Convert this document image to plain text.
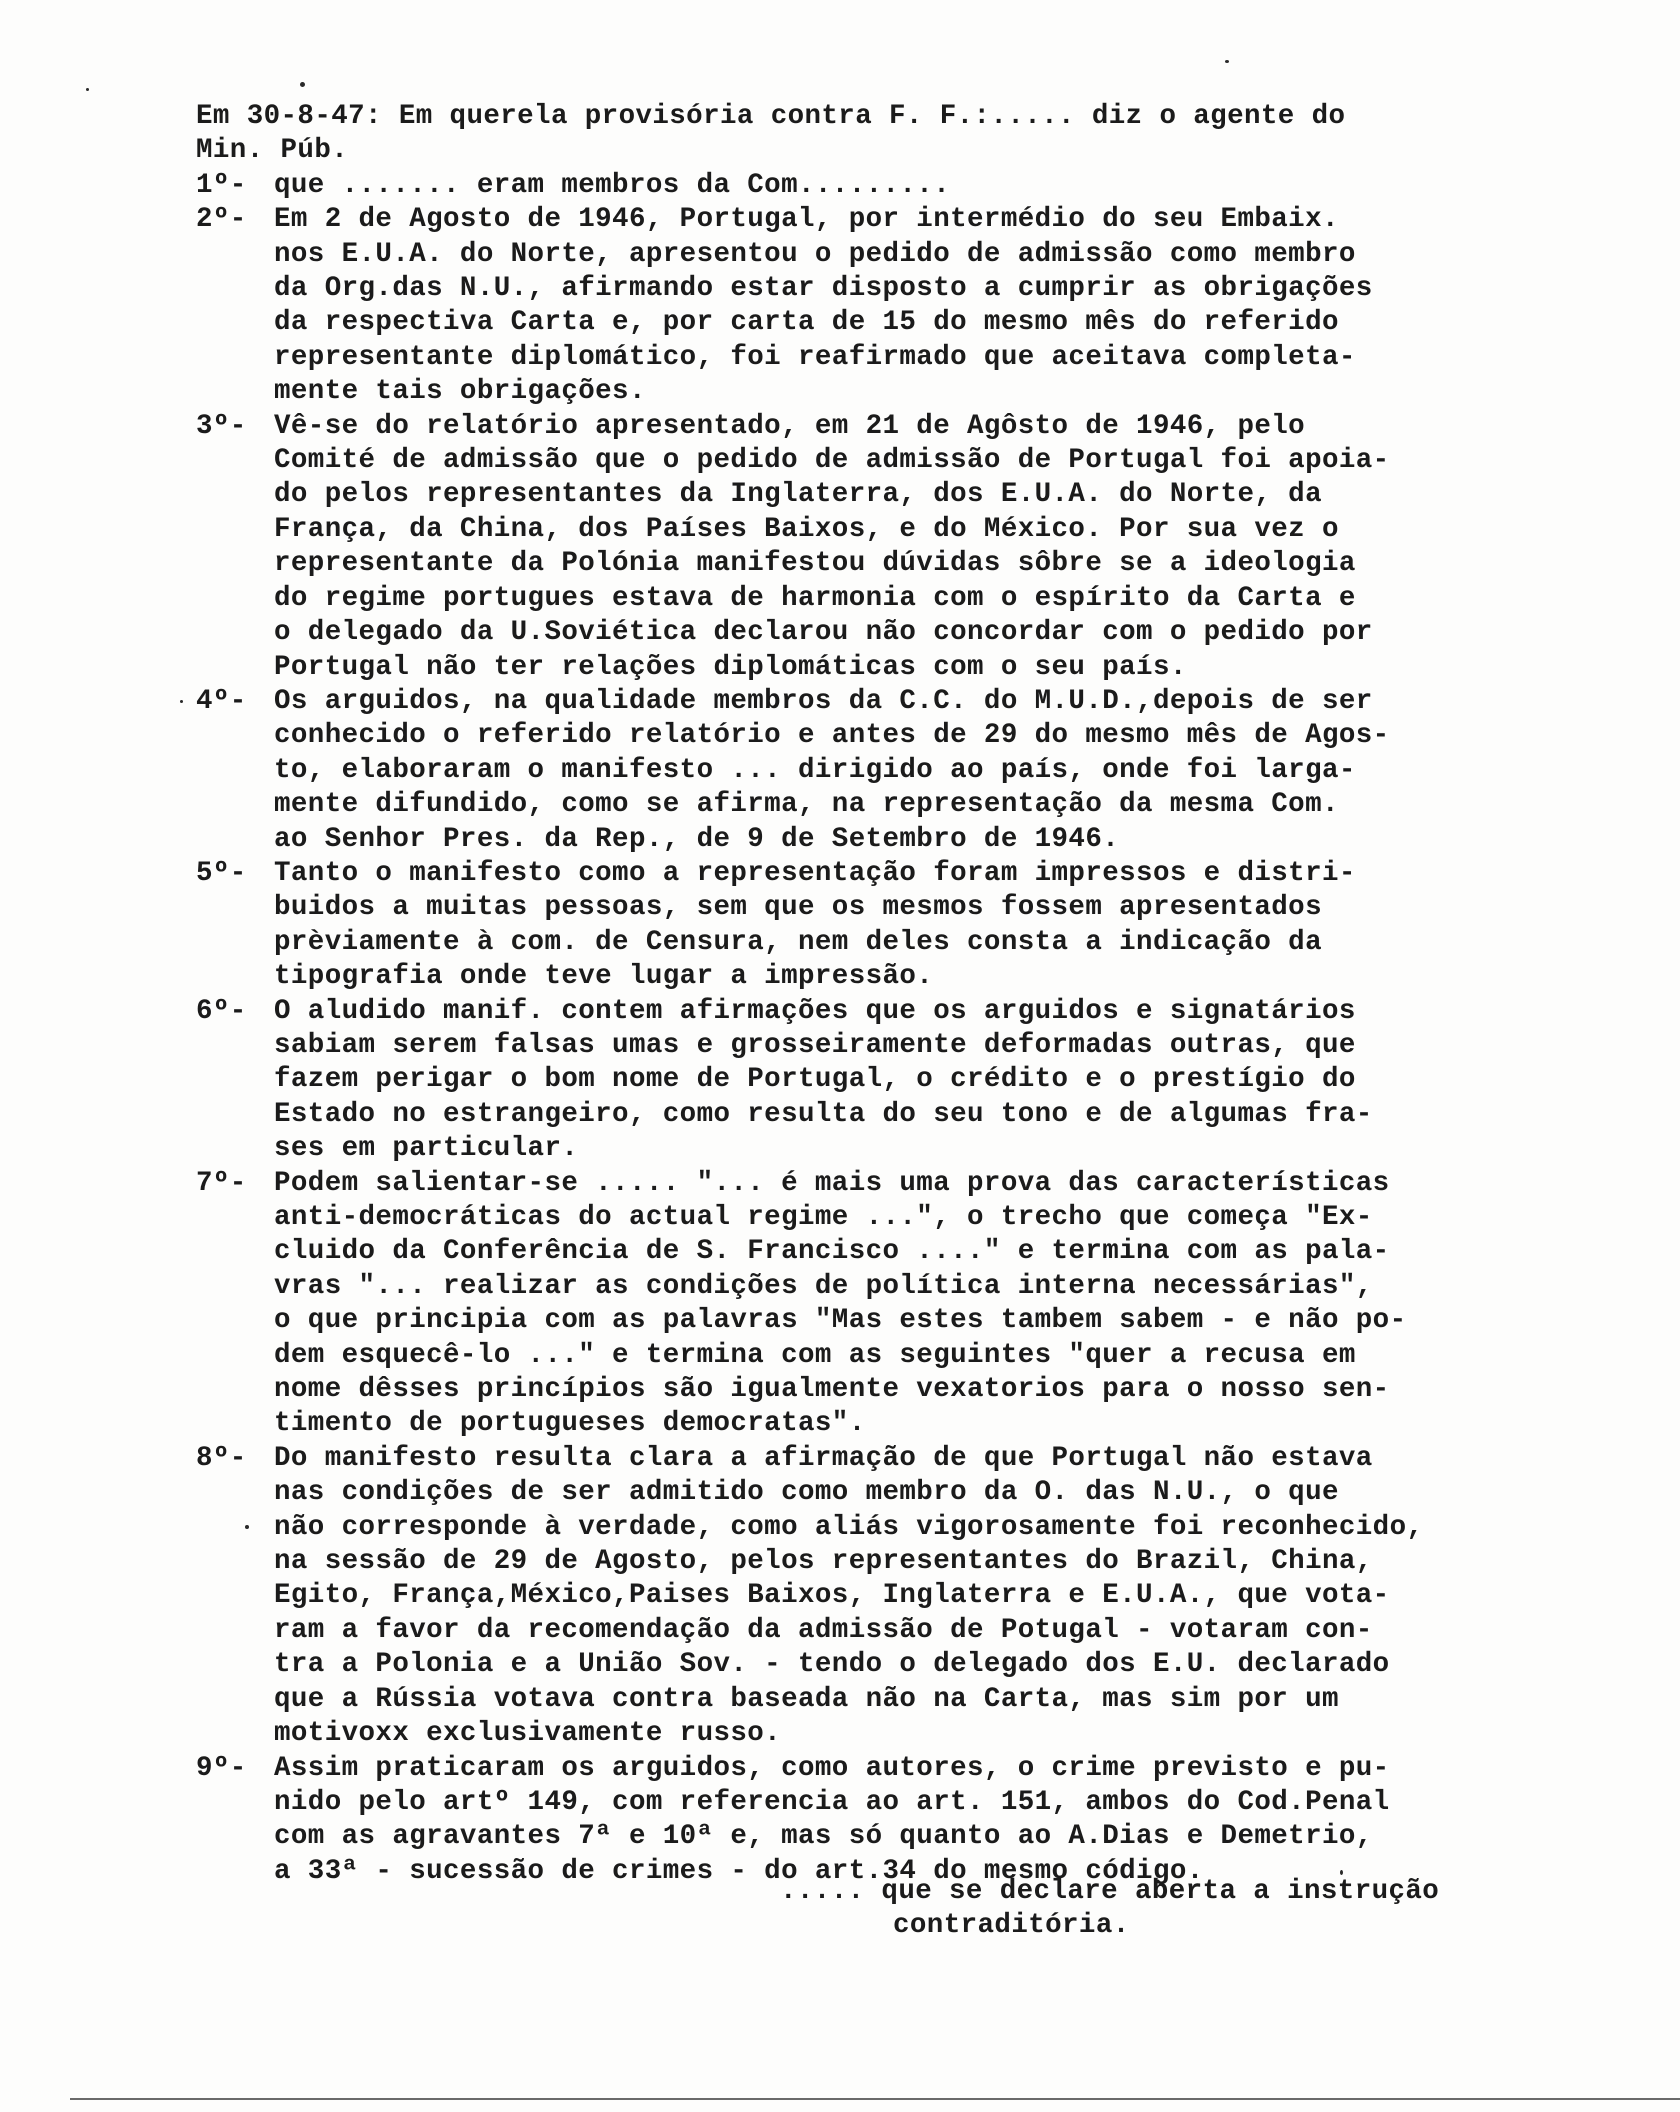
Em 30-8-47: Em querela provisória contra F. F.:..... diz o agente do
Min. Púb.
1º- que ....... eram membros da Com.........
2º- Em 2 de Agosto de 1946, Portugal, por intermédio do seu Embaix.
nos E.U.A. do Norte, apresentou o pedido de admissão como membro
da Org.das N.U., afirmando estar disposto a cumprir as obrigações
da respectiva Carta e, por carta de 15 do mesmo mês do referido
representante diplomático, foi reafirmado que aceitava completa-
mente tais obrigações.
3º- Vê-se do relatório apresentado, em 21 de Agôsto de 1946, pelo
Comité de admissão que o pedido de admissão de Portugal foi apoia-
do pelos representantes da Inglaterra, dos E.U.A. do Norte, da
França, da China, dos Países Baixos, e do México. Por sua vez o
representante da Polónia manifestou dúvidas sôbre se a ideologia
do regime portugues estava de harmonia com o espírito da Carta e
o delegado da U.Soviética declarou não concordar com o pedido por
Portugal não ter relações diplomáticas com o seu país.
4º- Os arguidos, na qualidade membros da C.C. do M.U.D.,depois de ser
conhecido o referido relatório e antes de 29 do mesmo mês de Agos-
to, elaboraram o manifesto ... dirigido ao país, onde foi larga-
mente difundido, como se afirma, na representação da mesma Com.
ao Senhor Pres. da Rep., de 9 de Setembro de 1946.
5º- Tanto o manifesto como a representação foram impressos e distri-
buidos a muitas pessoas, sem que os mesmos fossem apresentados
prèviamente à com. de Censura, nem deles consta a indicação da
tipografia onde teve lugar a impressão.
6º- O aludido manif. contem afirmações que os arguidos e signatários
sabiam serem falsas umas e grosseiramente deformadas outras, que
fazem perigar o bom nome de Portugal, o crédito e o prestígio do
Estado no estrangeiro, como resulta do seu tono e de algumas fra-
ses em particular.
7º- Podem salientar-se ..... "... é mais uma prova das características
anti-democráticas do actual regime ...", o trecho que começa "Ex-
cluido da Conferência de S. Francisco ...." e termina com as pala-
vras "... realizar as condições de política interna necessárias",
o que principia com as palavras "Mas estes tambem sabem - e não po-
dem esquecê-lo ..." e termina com as seguintes "quer a recusa em
nome dêsses princípios são igualmente vexatorios para o nosso sen-
timento de portugueses democratas".
8º- Do manifesto resulta clara a afirmação de que Portugal não estava
nas condições de ser admitido como membro da O. das N.U., o que
não corresponde à verdade, como aliás vigorosamente foi reconhecido,
na sessão de 29 de Agosto, pelos representantes do Brazil, China,
Egito, França,México,Paises Baixos, Inglaterra e E.U.A., que vota-
ram a favor da recomendação da admissão de Potugal - votaram con-
tra a Polonia e a União Sov. - tendo o delegado dos E.U. declarado
que a Rússia votava contra baseada não na Carta, mas sim por um
motivoxx exclusivamente russo.
9º- Assim praticaram os arguidos, como autores, o crime previsto e pu-
nido pelo artº 149, com referencia ao art. 151, ambos do Cod.Penal
com as agravantes 7ª e 10ª e, mas só quanto ao A.Dias e Demetrio,
a 33ª - sucessão de crimes - do art.34 do mesmo código.
..... que se declare aberta a instrução
contraditória.
